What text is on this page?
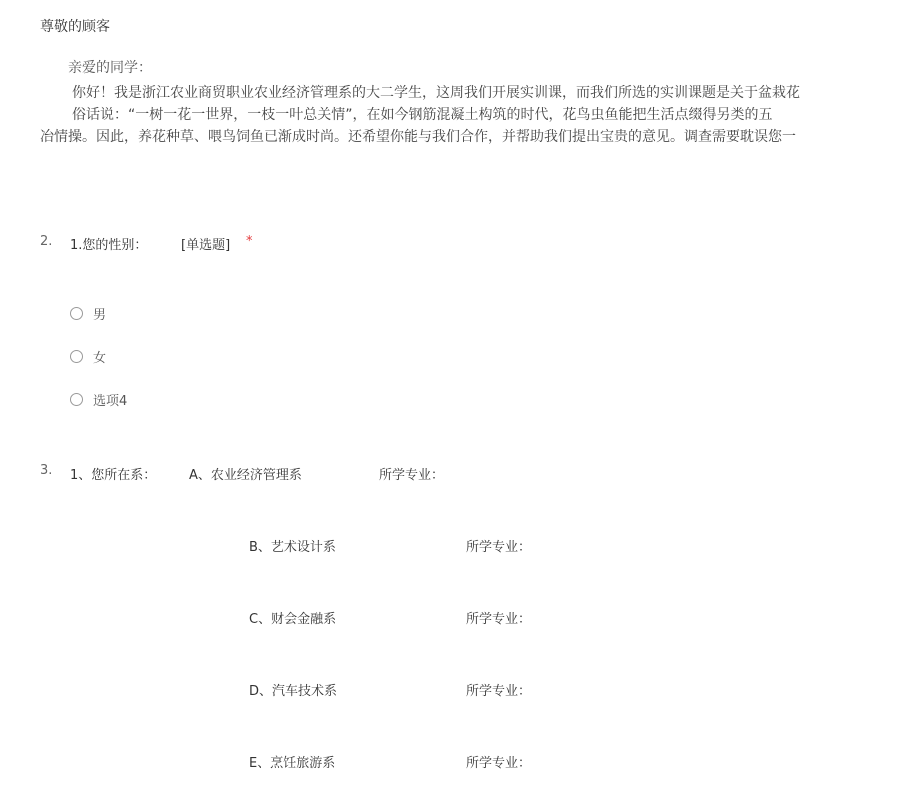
尊敬的顾客
亲爱的同学：
你好！我是浙江农业商贸职业农业经济管理系的大二学生，这周我们开展实训课，而我们所选的实训课题是关于盆栽花
俗话说：“一树一花一世界，一枝一叶总关情”，在如今钢筋混凝土构筑的时代，花鸟虫鱼能把生活点缀得另类的五
冶情操。因此，养花种草、喂鸟饲鱼已渐成时尚。还希望你能与我们合作，并帮助我们提出宝贵的意见。调查需要耽误您一
2. 1.您的性别：	[单选题] *
男
女
选项4
3. 1、您所在系：	A、农业经济管理系	所学专业：
B、艺术设计系	所学专业：
C、财会金融系	所学专业：
D、汽车技术系	所学专业：
E、烹饪旅游系	所学专业：
